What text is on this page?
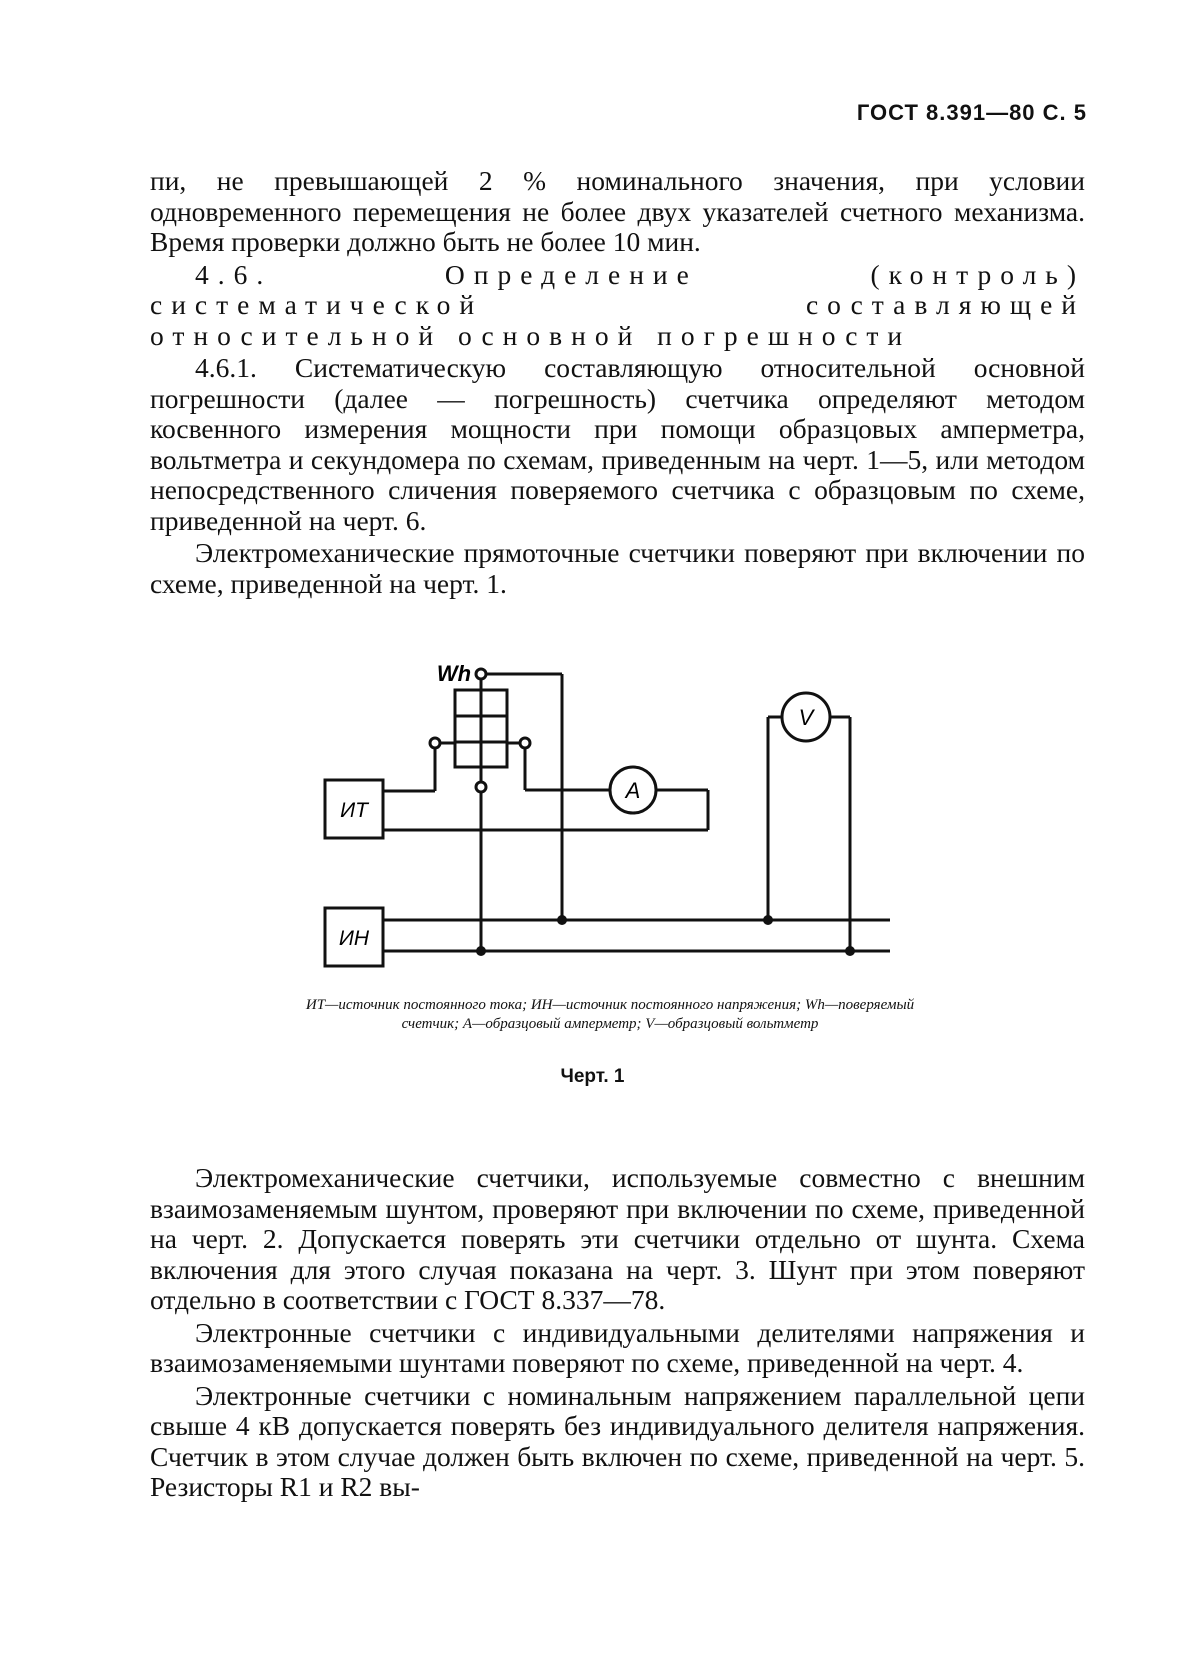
ГОСТ 8.391—80 С. 5

пи, не превышающей 2 % номинального значения, при условии одновременного перемещения не более двух указателей счетного механизма. Время проверки должно быть не более 10 мин.

4.6. Определение (контроль) систематической составляющей относительной основной погрешности

4.6.1. Систематическую составляющую относительной основной погрешности (далее — погрешность) счетчика определяют методом косвенного измерения мощности при помощи образцовых амперметра, вольтметра и секундомера по схемам, приведенным на черт. 1—5, или методом непосредственного сличения поверяемого счетчика с образцовым по схеме, приведенной на черт. 6.

Электромеханические прямоточные счетчики поверяют при включении по схеме, приведенной на черт. 1.

ИТ
ИН
Wh
A
V
ИТ—источник постоянного тока; ИН—источник постоянного напряжения; Wh—поверяемый счетчик; А—образцовый амперметр; V—образцовый вольтметр
Черт. 1

Электромеханические счетчики, используемые совместно с внешним взаимозаменяемым шунтом, проверяют при включении по схеме, приведенной на черт. 2. Допускается поверять эти счетчики отдельно от шунта. Схема включения для этого случая показана на черт. 3. Шунт при этом поверяют отдельно в соответствии с ГОСТ 8.337—78.

Электронные счетчики с индивидуальными делителями напряжения и взаимозаменяемыми шунтами поверяют по схеме, приведенной на черт. 4.

Электронные счетчики с номинальным напряжением параллельной цепи свыше 4 кВ допускается поверять без индивидуального делителя напряжения. Счетчик в этом случае должен быть включен по схеме, приведенной на черт. 5. Резисторы R1 и R2 вы-
